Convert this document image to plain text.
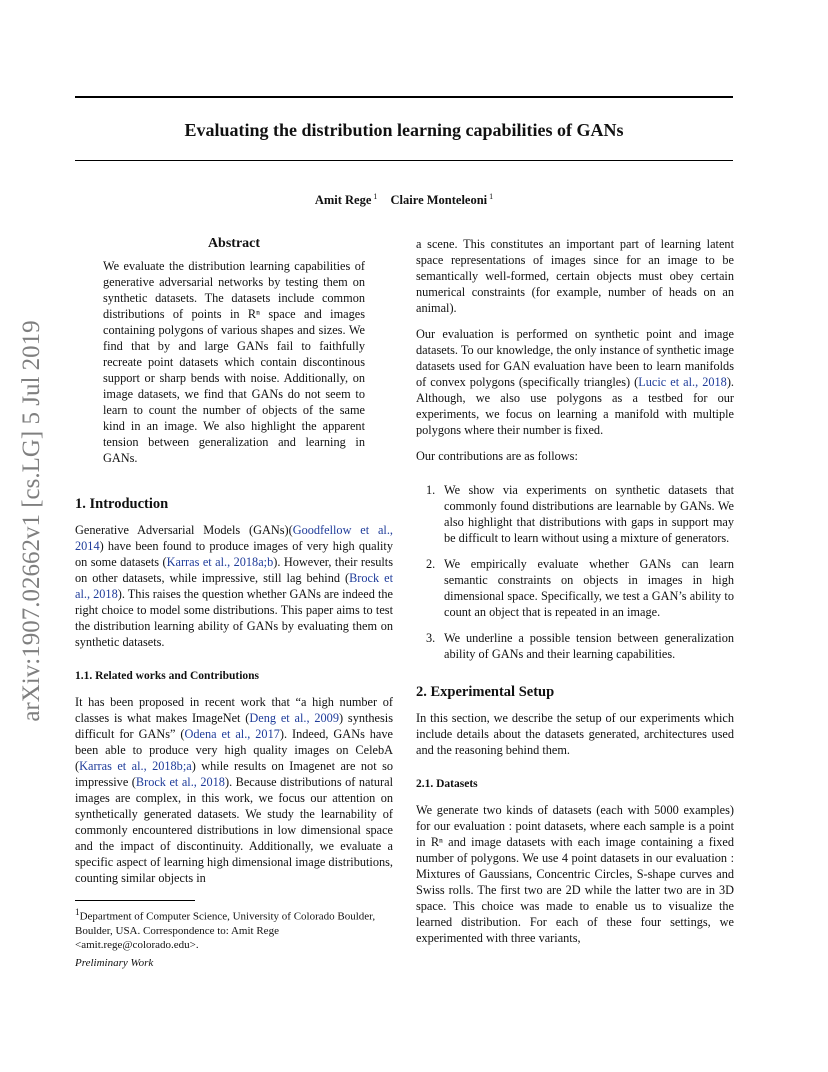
Evaluating the distribution learning capabilities of GANs
Amit Rege $^1$ Claire Monteleoni $^1$
arXiv:1907.02662v1 [cs.LG] 5 Jul 2019
Abstract

We evaluate the distribution learning capabilities of generative adversarial networks by testing them on synthetic datasets. The datasets include common distributions of points in Rⁿ space and images containing polygons of various shapes and sizes. We find that by and large GANs fail to faithfully recreate point datasets which contain discontinous support or sharp bends with noise. Additionally, on image datasets, we find that GANs do not seem to learn to count the number of objects of the same kind in an image. We also highlight the apparent tension between generalization and learning in GANs.

1. Introduction

Generative Adversarial Models (GANs)(Goodfellow et al., 2014) have been found to produce images of very high quality on some datasets (Karras et al., 2018a;b). However, their results on other datasets, while impressive, still lag behind (Brock et al., 2018). This raises the question whether GANs are indeed the right choice to model some distributions. This paper aims to test the distribution learning ability of GANs by evaluating them on synthetic datasets.

1.1. Related works and Contributions

It has been proposed in recent work that “a high number of classes is what makes ImageNet (Deng et al., 2009) synthesis difficult for GANs” (Odena et al., 2017). Indeed, GANs have been able to produce very high quality images on CelebA (Karras et al., 2018b;a) while results on Imagenet are not so impressive (Brock et al., 2018). Because distributions of natural images are complex, in this work, we focus our attention on synthetically generated datasets. We study the learnability of commonly encountered distributions in low dimensional space and the impact of discontinuity. Additionally, we evaluate a specific aspect of learning high dimensional image distributions, counting similar objects in

a scene. This constitutes an important part of learning latent space representations of images since for an image to be semantically well-formed, certain objects must obey certain numerical constraints (for example, number of heads on an animal).

Our evaluation is performed on synthetic point and image datasets. To our knowledge, the only instance of synthetic image datasets used for GAN evaluation have been to learn manifolds of convex polygons (specifically triangles) (Lucic et al., 2018). Although, we also use polygons as a testbed for our experiments, we focus on learning a manifold with multiple polygons where their number is fixed.

Our contributions are as follows:

1. We show via experiments on synthetic datasets that commonly found distributions are learnable by GANs. We also highlight that distributions with gaps in support may be difficult to learn without using a mixture of generators.
2. We empirically evaluate whether GANs can learn semantic constraints on objects in images in high dimensional space. Specifically, we test a GAN’s ability to count an object that is repeated in an image.
3. We underline a possible tension between generalization ability of GANs and their learning capabilities.
2. Experimental Setup

In this section, we describe the setup of our experiments which include details about the datasets generated, architectures used and the reasoning behind them.

2.1. Datasets

We generate two kinds of datasets (each with 5000 examples) for our evaluation : point datasets, where each sample is a point in Rⁿ and image datasets with each image containing a fixed number of polygons. We use 4 point datasets in our evaluation : Mixtures of Gaussians, Concentric Circles, S-shape curves and Swiss rolls. The first two are 2D while the latter two are in 3D space. This choice was made to enable us to visualize the learned distribution. For each of these four settings, we experimented with three variants,

$^1$Department of Computer Science, University of Colorado Boulder, Boulder, USA. Correspondence to: Amit Rege <amit.rege@colorado.edu>.
Preliminary Work
